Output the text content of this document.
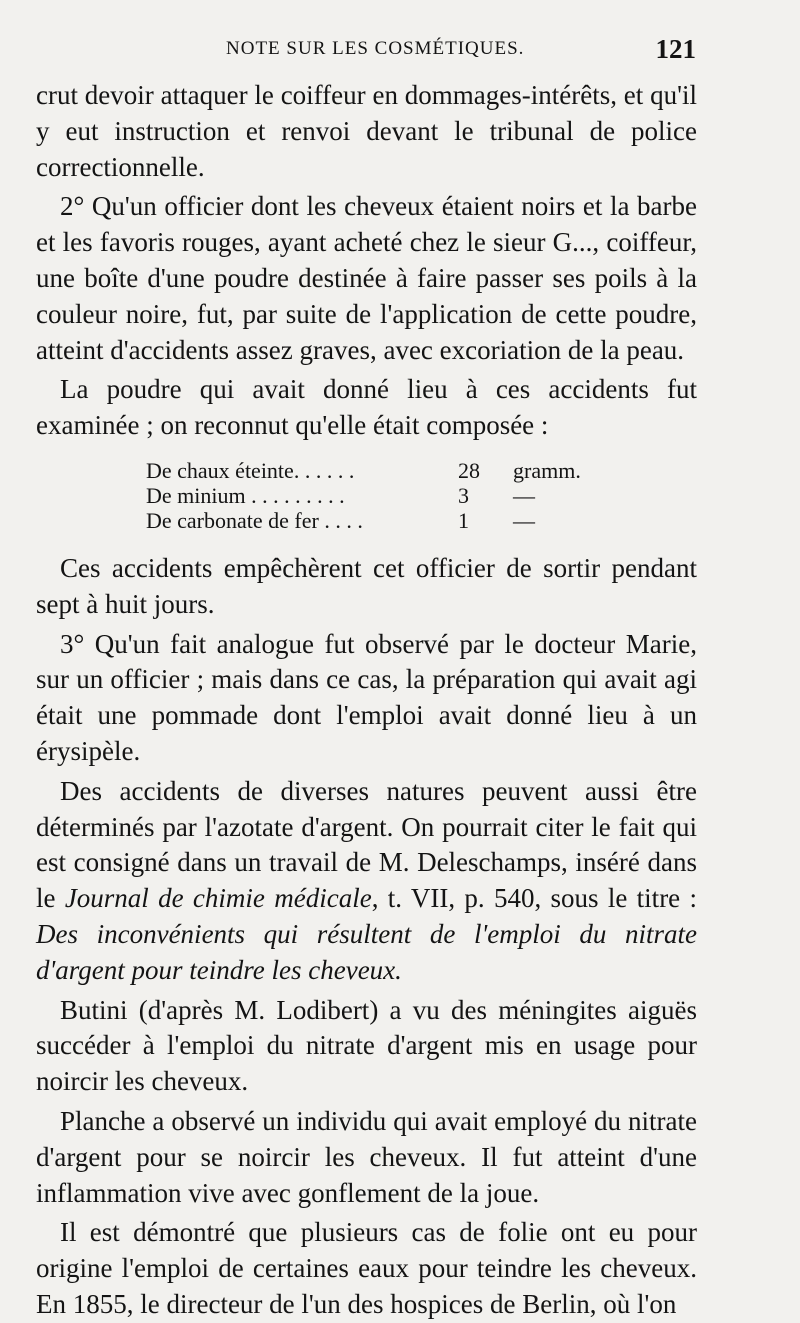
NOTE SUR LES COSMÉTIQUES.	121

crut devoir attaquer le coiffeur en dommages-intérêts, et qu'il y eut instruction et renvoi devant le tribunal de police correctionnelle.

2° Qu'un officier dont les cheveux étaient noirs et la barbe et les favoris rouges, ayant acheté chez le sieur G..., coiffeur, une boîte d'une poudre destinée à faire passer ses poils à la couleur noire, fut, par suite de l'application de cette poudre, atteint d'accidents assez graves, avec excoriation de la peau.

La poudre qui avait donné lieu à ces accidents fut examinée ; on reconnut qu'elle était composée :

De chaux éteinte. . . . . .	28	gramm.
De minium . . . . . . . . .	3	—
De carbonate de fer . . . .	1	—

Ces accidents empêchèrent cet officier de sortir pendant sept à huit jours.

3° Qu'un fait analogue fut observé par le docteur Marie, sur un officier ; mais dans ce cas, la préparation qui avait agi était une pommade dont l'emploi avait donné lieu à un érysipèle.

Des accidents de diverses natures peuvent aussi être déterminés par l'azotate d'argent. On pourrait citer le fait qui est consigné dans un travail de M. Deleschamps, inséré dans le Journal de chimie médicale, t. VII, p. 540, sous le titre : Des inconvénients qui résultent de l'emploi du nitrate d'argent pour teindre les cheveux.

Butini (d'après M. Lodibert) a vu des méningites aiguës succéder à l'emploi du nitrate d'argent mis en usage pour noircir les cheveux.

Planche a observé un individu qui avait employé du nitrate d'argent pour se noircir les cheveux. Il fut atteint d'une inflammation vive avec gonflement de la joue.

Il est démontré que plusieurs cas de folie ont eu pour origine l'emploi de certaines eaux pour teindre les cheveux. En 1855, le directeur de l'un des hospices de Berlin, où l'on
